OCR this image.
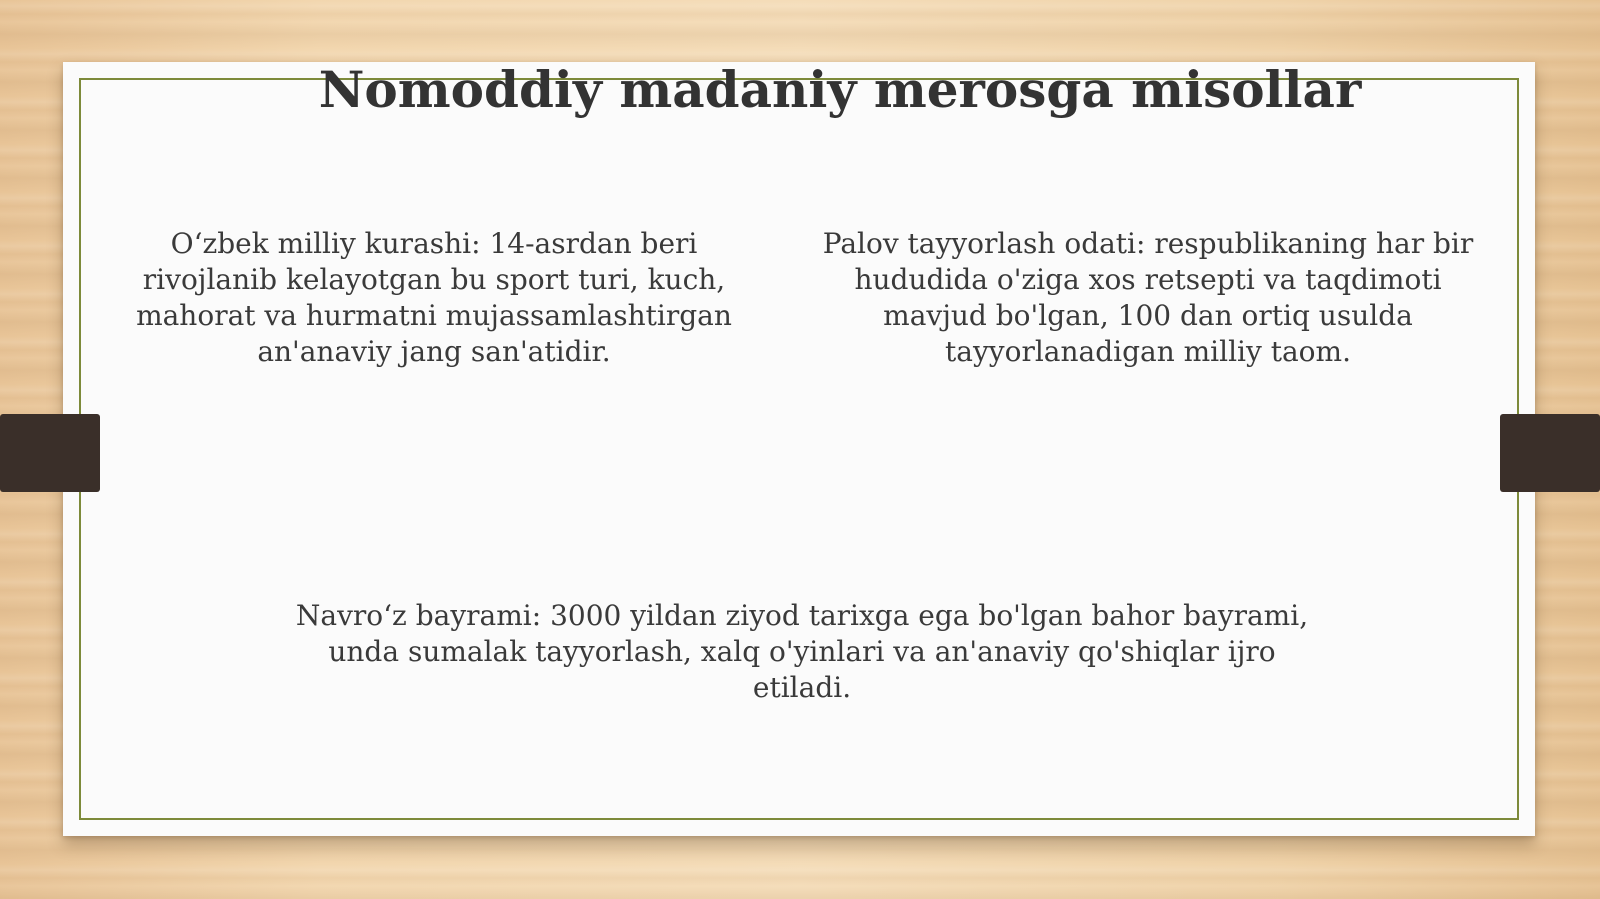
Nomoddiy madaniy merosga misollar

O‘zbek milliy kurashi: 14-asrdan beri rivojlanib kelayotgan bu sport turi, kuch, mahorat va hurmatni mujassamlashtirgan an'anaviy jang san'atidir.

Palov tayyorlash odati: respublikaning har bir hududida o'ziga xos retsepti va taqdimoti mavjud bo'lgan, 100 dan ortiq usulda tayyorlanadigan milliy taom.

Navro‘z bayrami: 3000 yildan ziyod tarixga ega bo'lgan bahor bayrami, unda sumalak tayyorlash, xalq o'yinlari va an'anaviy qo'shiqlar ijro etiladi.
